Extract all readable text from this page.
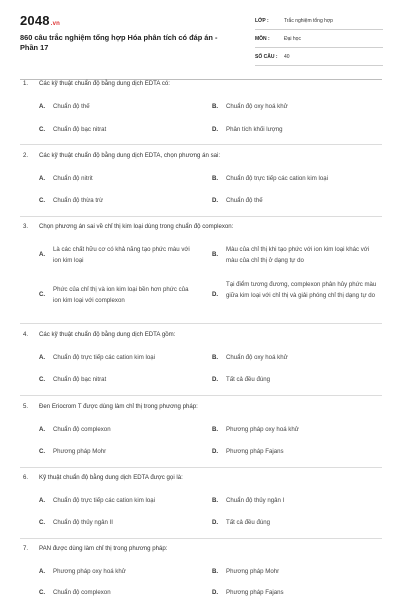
2048.vn
860 câu trắc nghiệm tổng hợp Hóa phân tích có đáp án - Phần 17
LỚP :	Trắc nghiệm tổng hợp
MÔN :	Đại học
SỐ CÂU : 40
1. Các kỹ thuật chuẩn độ bằng dung dịch EDTA có:
A. Chuẩn độ thế	B. Chuẩn độ oxy hoá khử
C. Chuẩn độ bạc nitrat	D. Phân tích khối lượng
2. Các kỹ thuật chuẩn độ bằng dung dịch EDTA, chọn phương án sai:
A. Chuẩn độ nitrit	B. Chuẩn độ trực tiếp các cation kim loại
C. Chuẩn độ thừa trừ	D. Chuẩn độ thế
3. Chọn phương án sai về chỉ thị kim loại dùng trong chuẩn độ complexon:
A.
Là các chất hữu cơ có khả năng tạo phức màu với ion kim loại
B.
Màu của chỉ thị khi tạo phức với ion kim loại khác với màu của chỉ thị ở dạng tự do
C.
Phức của chỉ thị và ion kim loại bền hơn phức của ion kim loại với complexon
D.
Tại điểm tương đương, complexon phân hủy phức màu giữa kim loại với chỉ thị và giải phóng chỉ thị dạng tự do
4. Các kỹ thuật chuẩn độ bằng dung dịch EDTA gồm:
A. Chuẩn độ trực tiếp các cation kim loại	B. Chuẩn độ oxy hoá khử
C. Chuẩn độ bạc nitrat	D. Tất cả đều đúng
5. Đen Eriocrom T được dùng làm chỉ thị trong phương pháp:
A. Chuẩn độ complexon	B. Phương pháp oxy hoá khử
C. Phương pháp Mohr	D. Phương pháp Fajans
6. Kỹ thuật chuẩn độ bằng dung dịch EDTA được gọi là:
A. Chuẩn độ trực tiếp các cation kim loại	B. Chuẩn độ thủy ngân I
C. Chuẩn độ thủy ngân II	D. Tất cả đều đúng
7. PAN được dùng làm chỉ thị trong phương pháp:
A. Phương pháp oxy hoá khử	B. Phương pháp Mohr
C. Chuẩn độ complexon	D. Phương pháp Fajans
